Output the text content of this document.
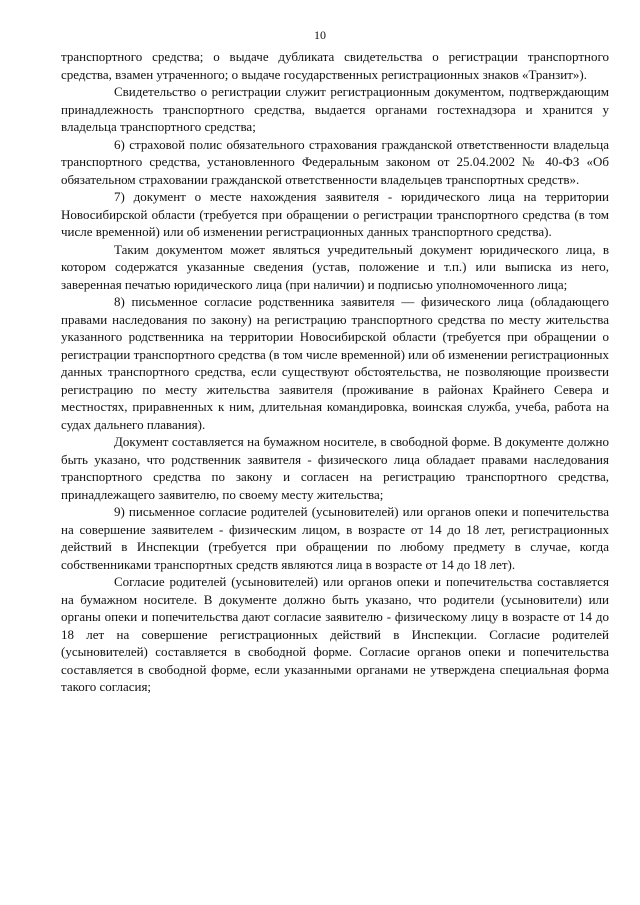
10

транспортного средства; о выдаче дубликата свидетельства о регистрации транспортного средства, взамен утраченного; о выдаче государственных регистрационных знаков «Транзит»).

Свидетельство о регистрации служит регистрационным документом, подтверждающим принадлежность транспортного средства, выдается органами гостехнадзора и хранится у владельца транспортного средства;

6) страховой полис обязательного страхования гражданской ответственности владельца транспортного средства, установленного Федеральным законом от 25.04.2002 № 40-ФЗ «Об обязательном страховании гражданской ответственности владельцев транспортных средств».

7) документ о месте нахождения заявителя - юридического лица на территории Новосибирской области (требуется при обращении о регистрации транспортного средства (в том числе временной) или об изменении регистрационных данных транспортного средства).

Таким документом может являться учредительный документ юридического лица, в котором содержатся указанные сведения (устав, положение и т.п.) или выписка из него, заверенная печатью юридического лица (при наличии) и подписью уполномоченного лица;

8) письменное согласие родственника заявителя — физического лица (обладающего правами наследования по закону) на регистрацию транспортного средства по месту жительства указанного родственника на территории Новосибирской области (требуется при обращении о регистрации транспортного средства (в том числе временной) или об изменении регистрационных данных транспортного средства, если существуют обстоятельства, не позволяющие произвести регистрацию по месту жительства заявителя (проживание в районах Крайнего Севера и местностях, приравненных к ним, длительная командировка, воинская служба, учеба, работа на судах дальнего плавания).

Документ составляется на бумажном носителе, в свободной форме. В документе должно быть указано, что родственник заявителя - физического лица обладает правами наследования транспортного средства по закону и согласен на регистрацию транспортного средства, принадлежащего заявителю, по своему месту жительства;

9) письменное согласие родителей (усыновителей) или органов опеки и попечительства на совершение заявителем - физическим лицом, в возрасте от 14 до 18 лет, регистрационных действий в Инспекции (требуется при обращении по любому предмету в случае, когда собственниками транспортных средств являются лица в возрасте от 14 до 18 лет).

Согласие родителей (усыновителей) или органов опеки и попечительства составляется на бумажном носителе. В документе должно быть указано, что родители (усыновители) или органы опеки и попечительства дают согласие заявителю - физическому лицу в возрасте от 14 до 18 лет на совершение регистрационных действий в Инспекции. Согласие родителей (усыновителей) составляется в свободной форме. Согласие органов опеки и попечительства составляется в свободной форме, если указанными органами не утверждена специальная форма такого согласия;
